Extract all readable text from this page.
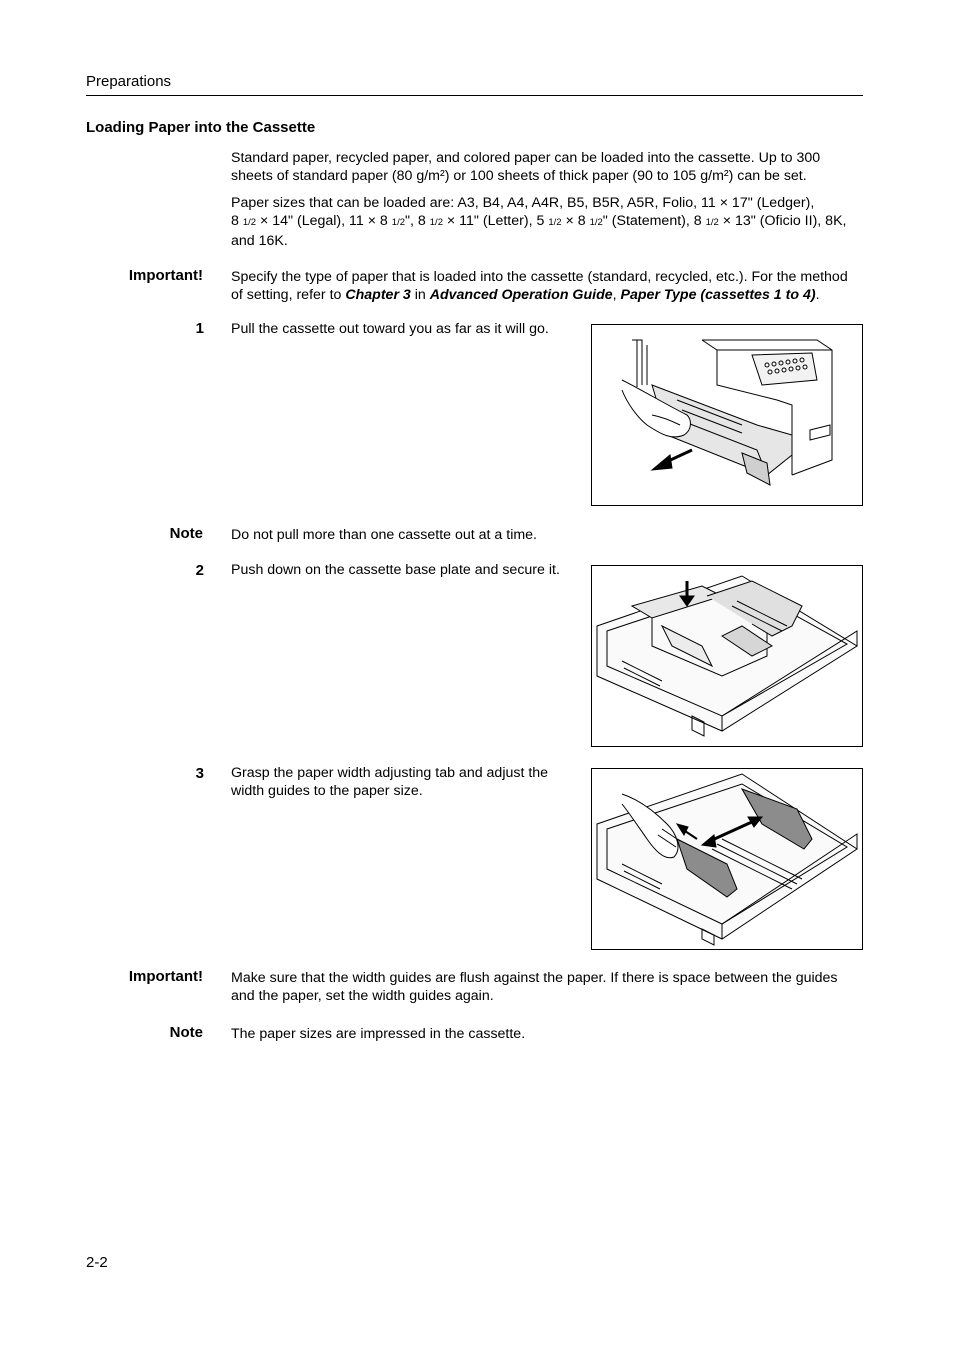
Preparations
Loading Paper into the Cassette
Standard paper, recycled paper, and colored paper can be loaded into the cassette. Up to 300 sheets of standard paper (80 g/m²) or 100 sheets of thick paper (90 to 105 g/m²) can be set.
Paper sizes that can be loaded are: A3, B4, A4, A4R, B5, B5R, A5R, Folio, 11 × 17" (Ledger),
8 1/2 × 14" (Legal), 11 × 8 1/2", 8 1/2 × 11" (Letter), 5 1/2 × 8 1/2" (Statement), 8 1/2 × 13" (Oficio II), 8K,
and 16K.
Important! Specify the type of paper that is loaded into the cassette (standard, recycled, etc.). For the method of setting, refer to Chapter 3 in Advanced Operation Guide, Paper Type (cassettes 1 to 4).
1 Pull the cassette out toward you as far as it will go.
Note Do not pull more than one cassette out at a time.
2 Push down on the cassette base plate and secure it.
3 Grasp the paper width adjusting tab and adjust the width guides to the paper size.
Important! Make sure that the width guides are flush against the paper. If there is space between the guides and the paper, set the width guides again.
Note The paper sizes are impressed in the cassette.
2-2
